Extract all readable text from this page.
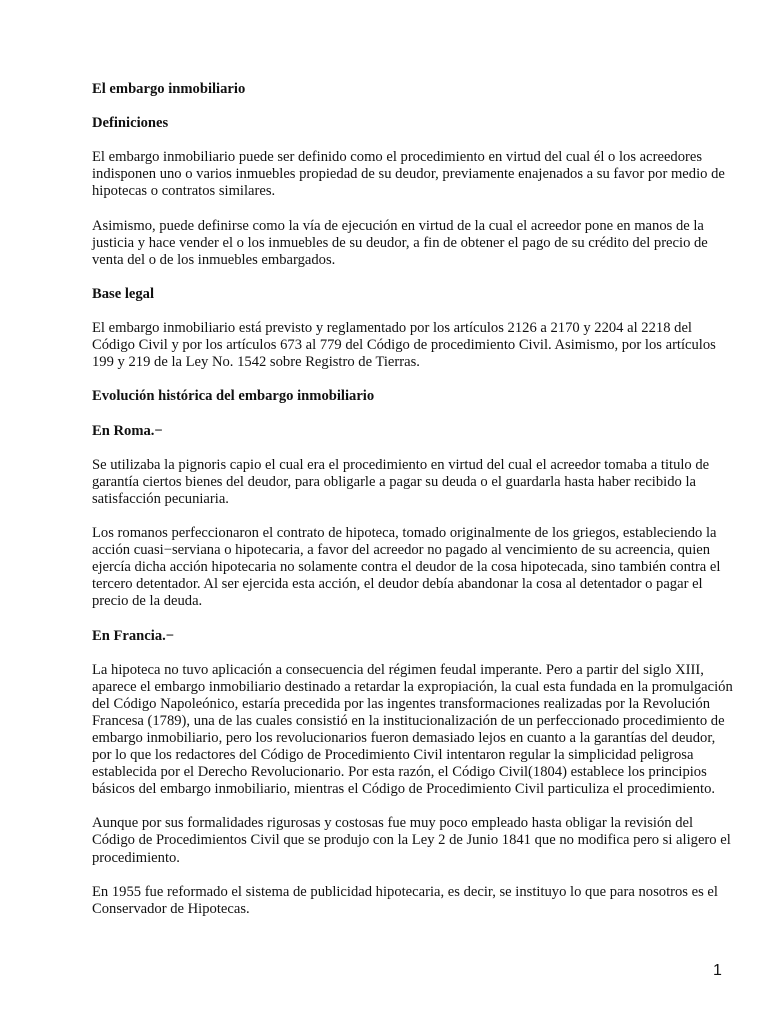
El embargo inmobiliario
Definiciones
El embargo inmobiliario puede ser definido como el procedimiento en virtud del cual él o los acreedores
indisponen uno o varios inmuebles propiedad de su deudor, previamente enajenados a su favor por medio de
hipotecas o contratos similares.
Asimismo, puede definirse como la vía de ejecución en virtud de la cual el acreedor pone en manos de la
justicia y hace vender el o los inmuebles de su deudor, a fin de obtener el pago de su crédito del precio de
venta del o de los inmuebles embargados.
Base legal
El embargo inmobiliario está previsto y reglamentado por los artículos 2126 a 2170 y 2204 al 2218 del
Código Civil y por los artículos 673 al 779 del Código de procedimiento Civil. Asimismo, por los artículos
199 y 219 de la Ley No. 1542 sobre Registro de Tierras.
Evolución histórica del embargo inmobiliario
En Roma.−
Se utilizaba la pignoris capio el cual era el procedimiento en virtud del cual el acreedor tomaba a titulo de
garantía ciertos bienes del deudor, para obligarle a pagar su deuda o el guardarla hasta haber recibido la
satisfacción pecuniaria.
Los romanos perfeccionaron el contrato de hipoteca, tomado originalmente de los griegos, estableciendo la
acción cuasi−serviana o hipotecaria, a favor del acreedor no pagado al vencimiento de su acreencia, quien
ejercía dicha acción hipotecaria no solamente contra el deudor de la cosa hipotecada, sino también contra el
tercero detentador. Al ser ejercida esta acción, el deudor debía abandonar la cosa al detentador o pagar el
precio de la deuda.
En Francia.−
La hipoteca no tuvo aplicación a consecuencia del régimen feudal imperante. Pero a partir del siglo XIII,
aparece el embargo inmobiliario destinado a retardar la expropiación, la cual esta fundada en la promulgación
del Código Napoleónico, estaría precedida por las ingentes transformaciones realizadas por la Revolución
Francesa (1789), una de las cuales consistió en la institucionalización de un perfeccionado procedimiento de
embargo inmobiliario, pero los revolucionarios fueron demasiado lejos en cuanto a la garantías del deudor,
por lo que los redactores del Código de Procedimiento Civil intentaron regular la simplicidad peligrosa
establecida por el Derecho Revolucionario. Por esta razón, el Código Civil(1804) establece los principios
básicos del embargo inmobiliario, mientras el Código de Procedimiento Civil particuliza el procedimiento.
Aunque por sus formalidades rigurosas y costosas fue muy poco empleado hasta obligar la revisión del
Código de Procedimientos Civil que se produjo con la Ley 2 de Junio 1841 que no modifica pero si aligero el
procedimiento.
En 1955 fue reformado el sistema de publicidad hipotecaria, es decir, se instituyo lo que para nosotros es el
Conservador de Hipotecas.
1
